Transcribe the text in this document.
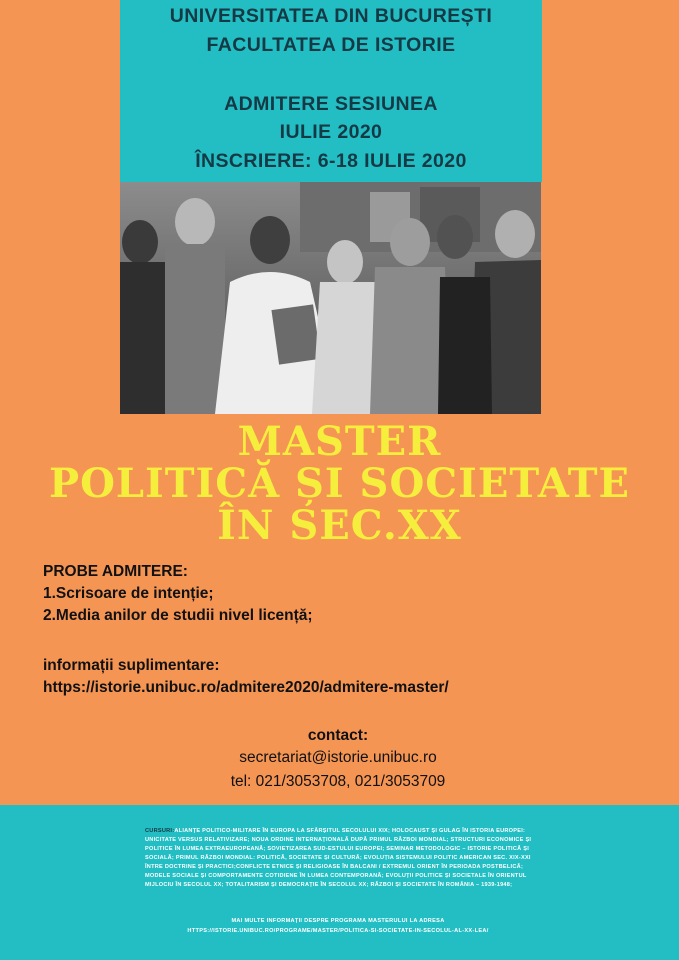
UNIVERSITATEA DIN BUCUREȘTI
FACULTATEA DE ISTORIE
ADMITERE SESIUNEA
IULIE 2020
ÎNSCRIERE: 6-18 IULIE 2020
MASTER
POLITICĂ ȘI SOCIETATE
ÎN SEC.XX
PROBE ADMITERE:
1.Scrisoare de intenție;
2.Media anilor de studii nivel licență;
informații suplimentare:
https://istorie.unibuc.ro/admitere2020/admitere-master/
contact:
secretariat@istorie.unibuc.ro
tel: 021/3053708, 021/3053709
CURSURI:ALIANȚE POLITICO-MILITARE ÎN EUROPA LA SFÂRȘITUL SECOLULUI XIX; HOLOCAUST ȘI GULAG ÎN ISTORIA EUROPEI: UNICITATE VERSUS RELATIVIZARE; NOUA ORDINE INTERNAȚIONALĂ DUPĂ PRIMUL RĂZBOI MONDIAL; STRUCTURI ECONOMICE ȘI POLITICE ÎN LUMEA EXTRAEUROPEANĂ; SOVIETIZAREA SUD-ESTULUI EUROPEI; SEMINAR METODOLOGIC – ISTORIE POLITICĂ ȘI SOCIALĂ; PRIMUL RĂZBOI MONDIAL: POLITICĂ, SOCIETATE ȘI CULTURĂ; EVOLUȚIA SISTEMULUI POLITIC AMERICAN SEC. XIX-XXI ÎNTRE DOCTRINE ȘI PRACTICI;CONFLICTE ETNICE ȘI RELIGIOASE ÎN BALCANI / EXTREMUL ORIENT ÎN PERIOADA POSTBELICĂ; MODELE SOCIALE ȘI COMPORTAMENTE COTIDIENE ÎN LUMEA CONTEMPORANĂ; EVOLUȚII POLITICE ȘI SOCIETALE ÎN ORIENTUL MIJLOCIU ÎN SECOLUL XX; TOTALITARISM ȘI DEMOCRAȚIE ÎN SECOLUL XX; RĂZBOI ȘI SOCIETATE ÎN ROMÂNIA – 1939-1948;
MAI MULTE INFORMAȚII DESPRE PROGRAMA MASTERULUI LA ADRESA
HTTPS://ISTORIE.UNIBUC.RO/PROGRAME/MASTER/POLITICA-SI-SOCIETATE-IN-SECOLUL-AL-XX-LEA/
